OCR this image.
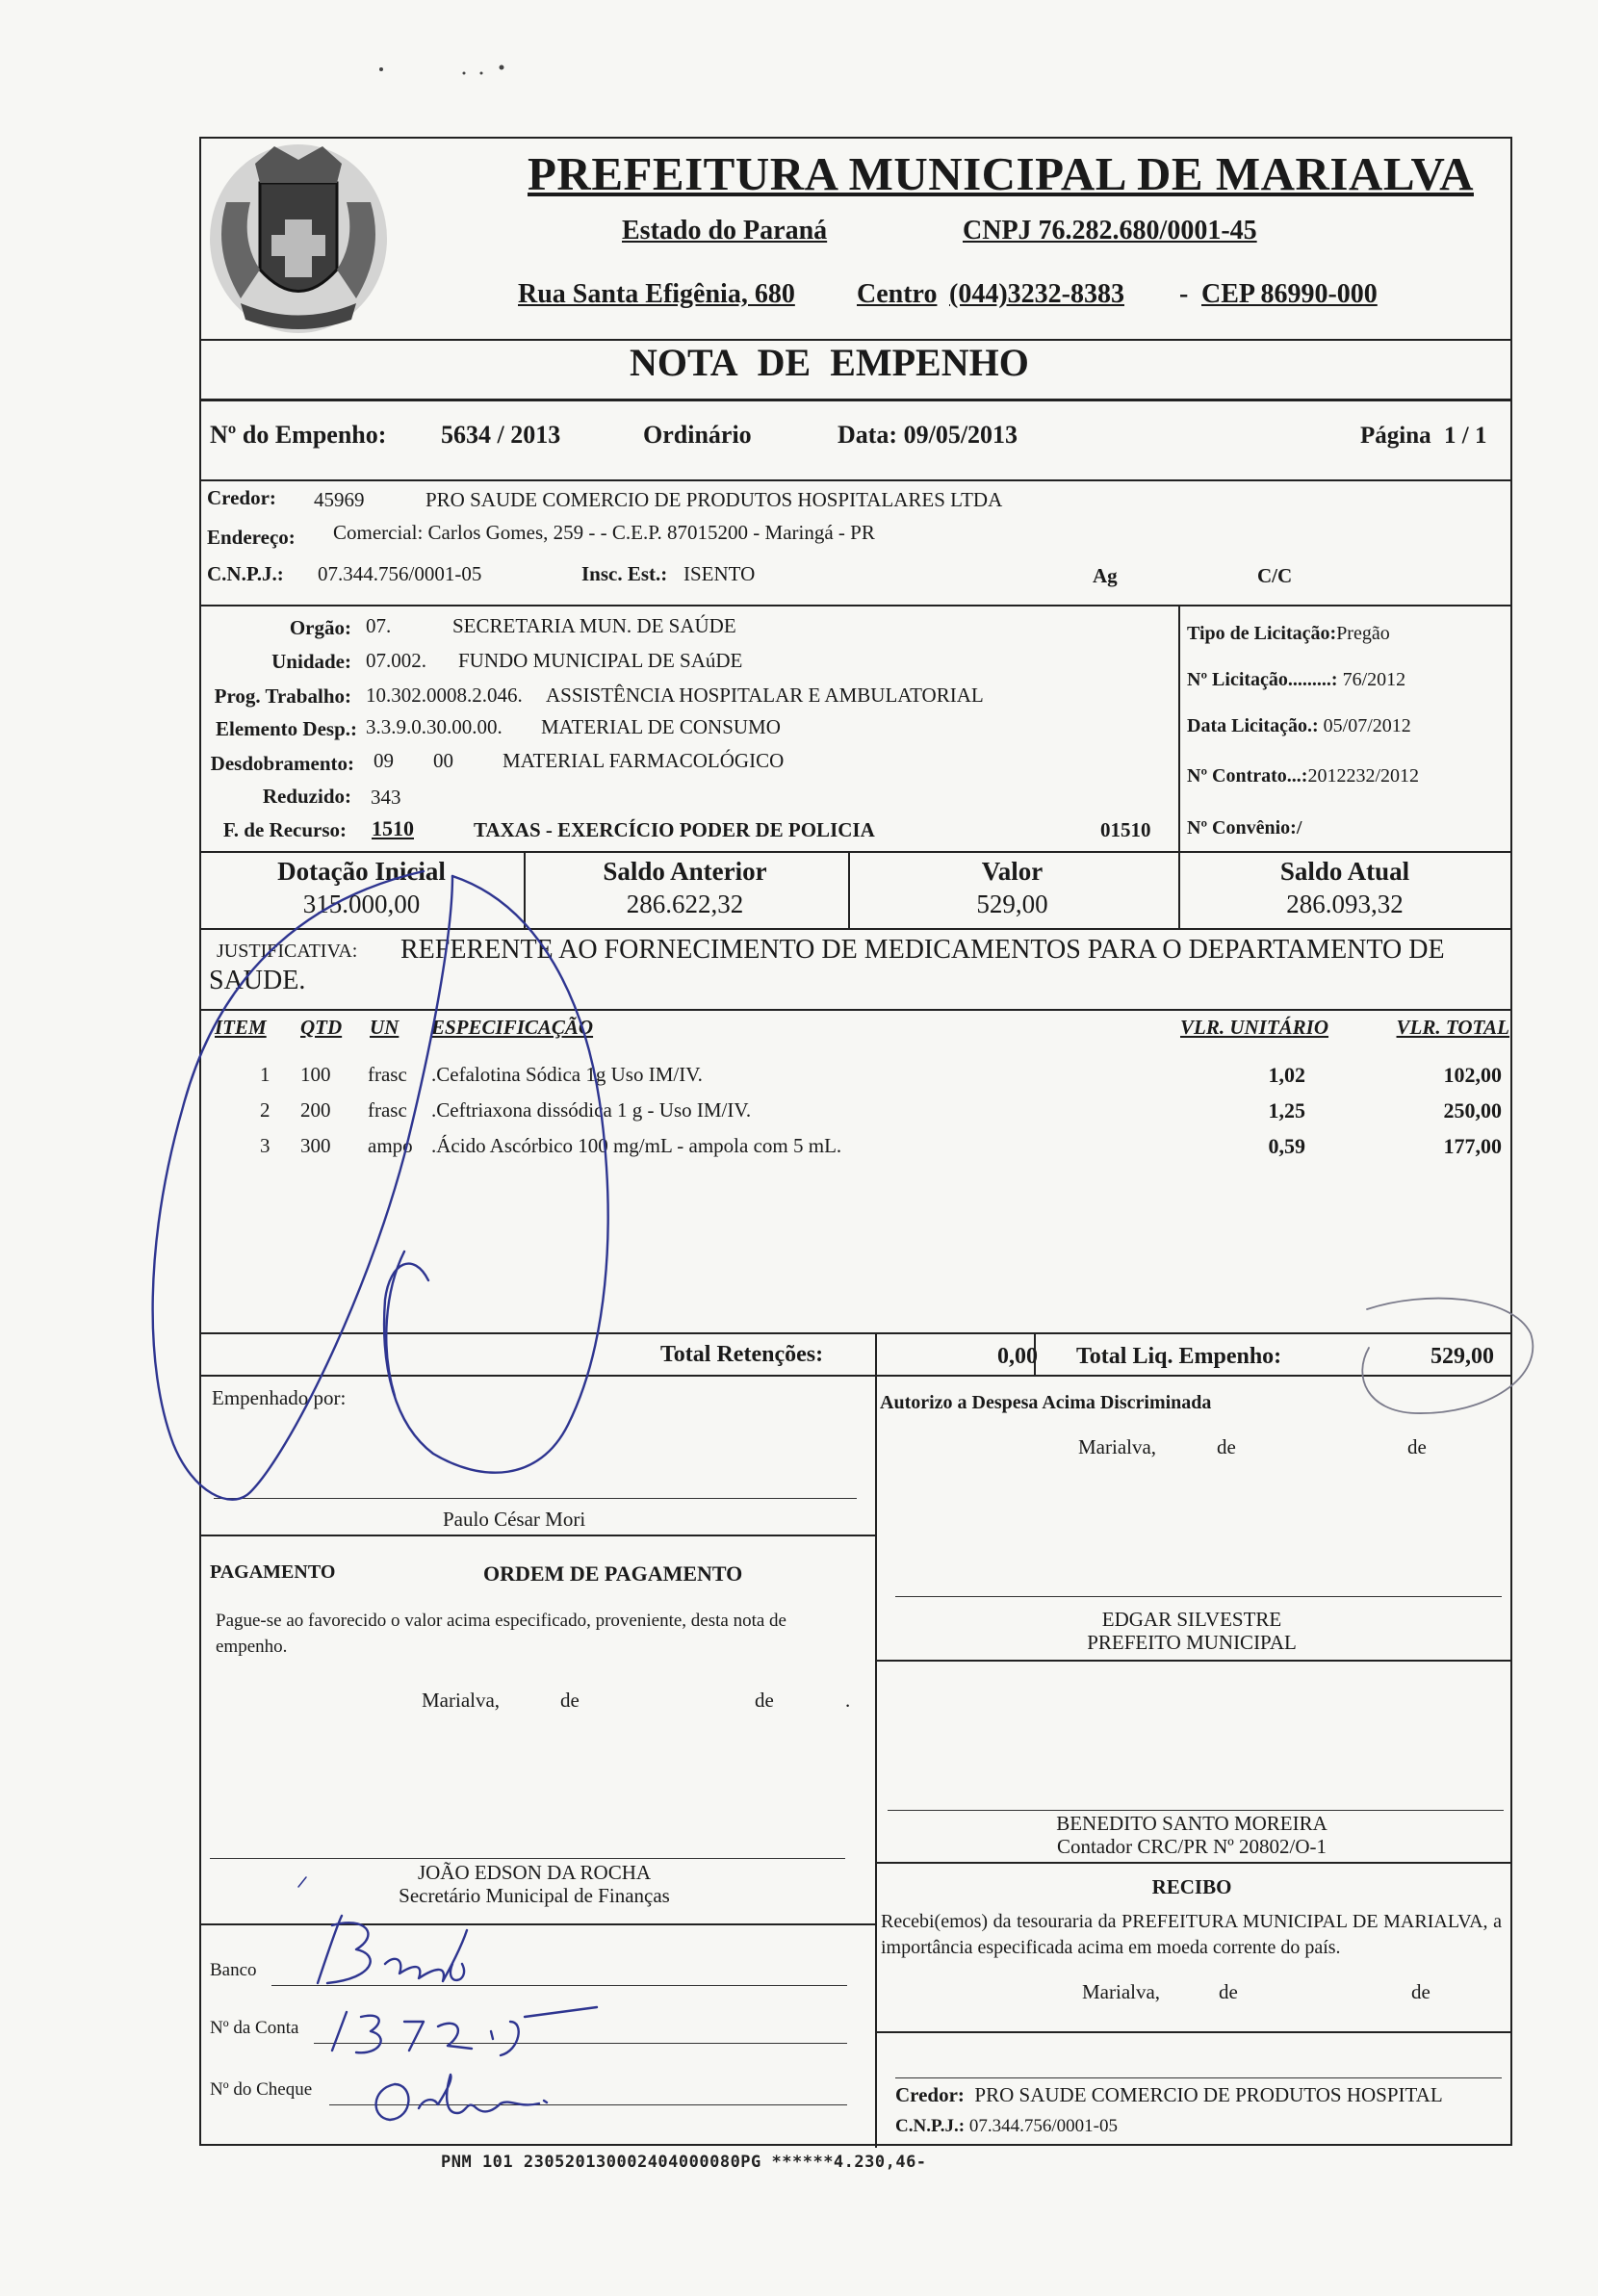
PREFEITURA MUNICIPAL DE MARIALVA
Estado do Paraná	CNPJ 76.282.680/0001-45
Rua Santa Efigênia, 680 Centro (044)3232-8383 - CEP 86990-000
NOTA DE EMPENHO
Nº do Empenho: 5634 / 2013	Ordinário	Data: 09/05/2013	Página 1 / 1
Credor: 45969	PRO SAUDE COMERCIO DE PRODUTOS HOSPITALARES LTDA
Endereço: Comercial: Carlos Gomes, 259 - - C.E.P. 87015200 - Maringá - PR
C.N.P.J.: 07.344.756/0001-05	Insc. Est.: ISENTO	Ag	C/C
Orgão: 07.	SECRETARIA MUN. DE SAÚDE
Unidade: 07.002. FUNDO MUNICIPAL DE SAúDE
Prog. Trabalho: 10.302.0008.2.046. ASSISTÊNCIA HOSPITALAR E AMBULATORIAL
Elemento Desp.: 3.3.9.0.30.00.00. MATERIAL DE CONSUMO
Desdobramento: 09 00 MATERIAL FARMACOLÓGICO
Reduzido: 343
F. de Recurso: 1510	TAXAS - EXERCÍCIO PODER DE POLICIA	01510
Tipo de Licitação:Pregão
Nº Licitação.........: 76/2012
Data Licitação.: 05/07/2012
Nº Contrato...:2012232/2012
Nº Convênio:/
Dotação Inicial
315.000,00
Saldo Anterior
286.622,32
Valor
529,00
Saldo Atual
286.093,32
JUSTIFICATIVA: REFERENTE AO FORNECIMENTO DE MEDICAMENTOS PARA O DEPARTAMENTO DE
SAUDE.
ITEM QTD UN ESPECIFICAÇÃO	VLR. UNITÁRIO	VLR. TOTAL
1 100 frasc .Cefalotina Sódica 1g Uso IM/IV.	1,02	102,00
2 200 frasc .Ceftriaxona dissódica 1 g - Uso IM/IV.	1,25	250,00
3 300 ampo .Ácido Ascórbico 100 mg/mL - ampola com 5 mL.	0,59	177,00
Total Retenções:	0,00 Total Liq. Empenho:	529,00
Empenhado por:
Paulo César Mori
Autorizo a Despesa Acima Discriminada
Marialva,	de	de
EDGAR SILVESTRE
PREFEITO MUNICIPAL
PAGAMENTO	ORDEM DE PAGAMENTO
Pague-se ao favorecido o valor acima especificado, proveniente, desta nota de empenho.
Marialva,	de	de	.
JOÃO EDSON DA ROCHA
Secretário Municipal de Finanças
BENEDITO SANTO MOREIRA
Contador CRC/PR Nº 20802/O-1
RECIBO
Recebi(emos) da tesouraria da PREFEITURA MUNICIPAL DE MARIALVA, a importância especificada acima em moeda corrente do país.
Marialva,	de	de
Credor: PRO SAUDE COMERCIO DE PRODUTOS HOSPITAL
C.N.P.J.: 07.344.756/0001-05
Banco
Nº da Conta
Nº do Cheque
PNM 101 230520130002404000080PG ******4.230,46-
